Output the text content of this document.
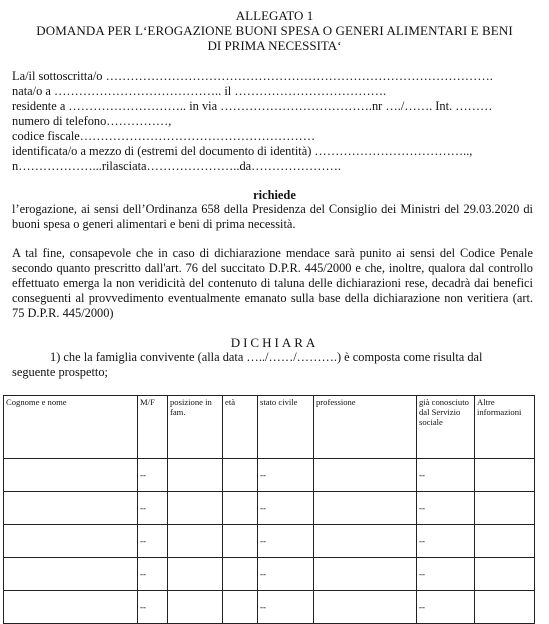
ALLEGATO 1
DOMANDA PER L‘EROGAZIONE BUONI SPESA O GENERI ALIMENTARI E BENI
DI PRIMA NECESSITA‘
La/il sottoscritta/o ………………………………………………………………………………….
nata/o a ………………………………….. il ……………………………….
residente a ……………………….. in via ……………………………….nr …./……. Int. ………
numero di telefono……………,
codice fiscale…………………………………………………
identificata/o a mezzo di (estremi del documento di identità) ………………………………..,
n………………...rilasciata…………………..da………………….
richiede
l’erogazione, ai sensi dell’Ordinanza 658 della Presidenza del Consiglio dei Ministri del 29.03.2020 di buoni spesa o generi alimentari e beni di prima necessità.
A tal fine, consapevole che in caso di dichiarazione mendace sarà punito ai sensi del Codice Penale secondo quanto prescritto dall'art. 76 del succitato D.P.R. 445/2000 e che, inoltre, qualora dal controllo effettuato emerga la non veridicità del contenuto di taluna delle dichiarazioni rese, decadrà dai benefici conseguenti al provvedimento eventualmente emanato sulla base della dichiarazione non veritiera (art. 75 D.P.R. 445/2000)
DICHIARA
1) che la famiglia convivente (alla data …../……/……….) è composta come risulta dal
seguente prospetto;
Cognome e nome	M/F	posizione in fam.	età	stato civile	professione	già conosciuto dal Servizio sociale	Altre informazioni
	--			--		--	
	--			--		--	
	--			--		--	
	--			--		--	
	--			--		--	
